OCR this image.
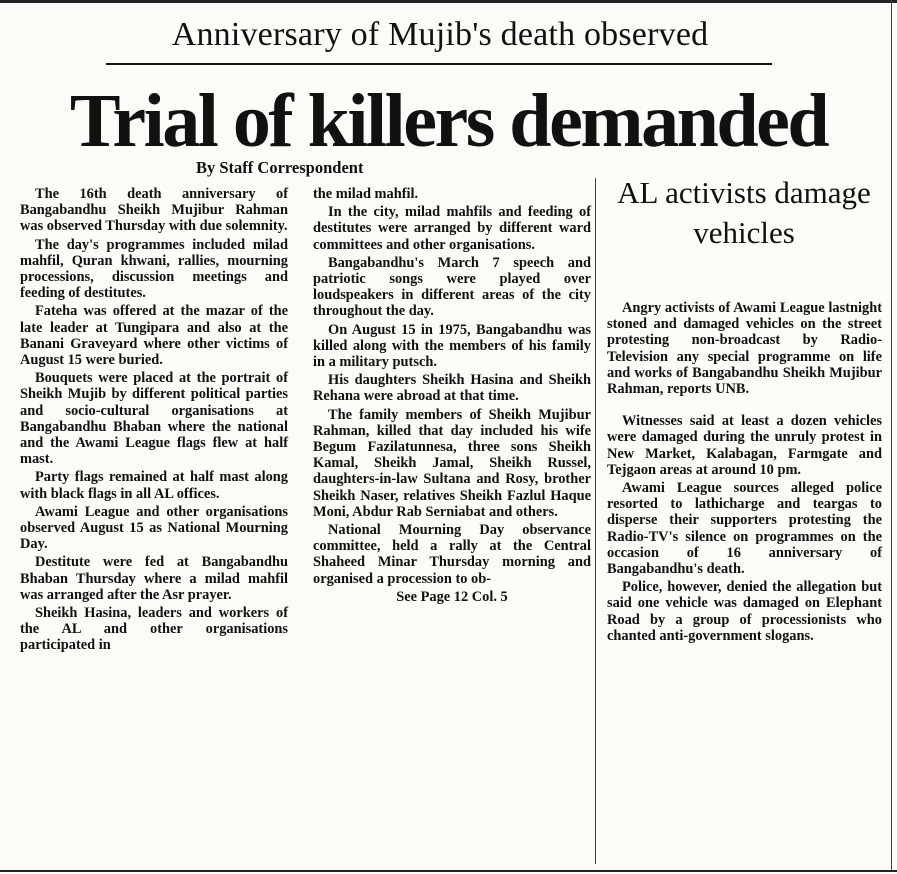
Anniversary of Mujib's death observed
Trial of killers demanded
By Staff Correspondent

The 16th death anniversary of Bangabandhu Sheikh Mujibur Rahman was observed Thursday with due solemnity.

The day's programmes included milad mahfil, Quran khwani, rallies, mourning processions, discussion meetings and feeding of destitutes.

Fateha was offered at the mazar of the late leader at Tungipara and also at the Banani Graveyard where other victims of August 15 were buried.

Bouquets were placed at the portrait of Sheikh Mujib by different political parties and socio-cultural organisations at Bangabandhu Bhaban where the national and the Awami League flags flew at half mast.

Party flags remained at half mast along with black flags in all AL offices.

Awami League and other organisations observed August 15 as National Mourning Day.

Destitute were fed at Bangabandhu Bhaban Thursday where a milad mahfil was arranged after the Asr prayer.

Sheikh Hasina, leaders and workers of the AL and other organisations participated in

the milad mahfil.

In the city, milad mahfils and feeding of destitutes were arranged by different ward committees and other organisations.

Bangabandhu's March 7 speech and patriotic songs were played over loudspeakers in different areas of the city throughout the day.

On August 15 in 1975, Bangabandhu was killed along with the members of his family in a military putsch.

His daughters Sheikh Hasina and Sheikh Rehana were abroad at that time.

The family members of Sheikh Mujibur Rahman, killed that day included his wife Begum Fazilatunnesa, three sons Sheikh Kamal, Sheikh Jamal, Sheikh Russel, daughters-in-law Sultana and Rosy, brother Sheikh Naser, relatives Sheikh Fazlul Haque Moni, Abdur Rab Serniabat and others.

National Mourning Day observance committee, held a rally at the Central Shaheed Minar Thursday morning and organised a procession to ob-

See Page 12 Col. 5
AL activists damage vehicles

Angry activists of Awami League lastnight stoned and damaged vehicles on the street protesting non-broadcast by Radio-Television any special programme on life and works of Bangabandhu Sheikh Mujibur Rahman, reports UNB.

Witnesses said at least a dozen vehicles were damaged during the unruly protest in New Market, Kalabagan, Farmgate and Tejgaon areas at around 10 pm.

Awami League sources alleged police resorted to lathicharge and teargas to disperse their supporters protesting the Radio-TV's silence on programmes on the occasion of 16 anniversary of Bangabandhu's death.

Police, however, denied the allegation but said one vehicle was damaged on Elephant Road by a group of processionists who chanted anti-government slogans.
